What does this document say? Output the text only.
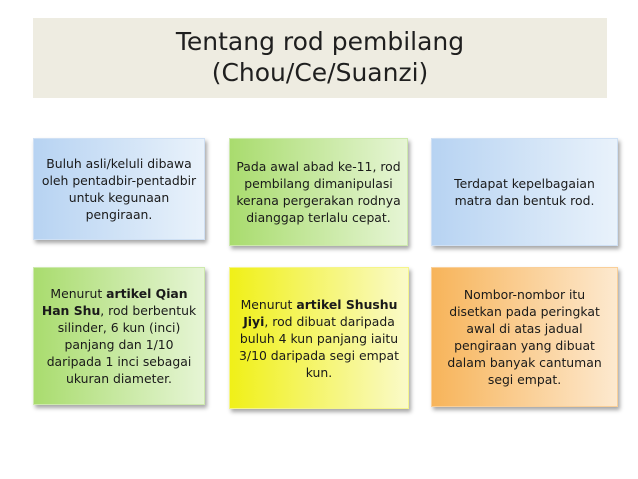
Tentang rod pembilang
(Chou/Ce/Suanzi)
Buluh asli/keluli dibawa oleh pentadbir-pentadbir untuk kegunaan pengiraan.
Pada awal abad ke-11, rod pembilang dimanipulasi kerana pergerakan rodnya dianggap terlalu cepat.
Terdapat kepelbagaian matra dan bentuk rod.
Menurut artikel Qian Han Shu, rod berbentuk silinder, 6 kun (inci) panjang dan 1/10 daripada 1 inci sebagai ukuran diameter.
Menurut artikel Shushu Jiyi, rod dibuat daripada buluh 4 kun panjang iaitu 3/10 daripada segi empat kun.
Nombor-nombor itu disetkan pada peringkat awal di atas jadual pengiraan yang dibuat dalam banyak cantuman segi empat.
